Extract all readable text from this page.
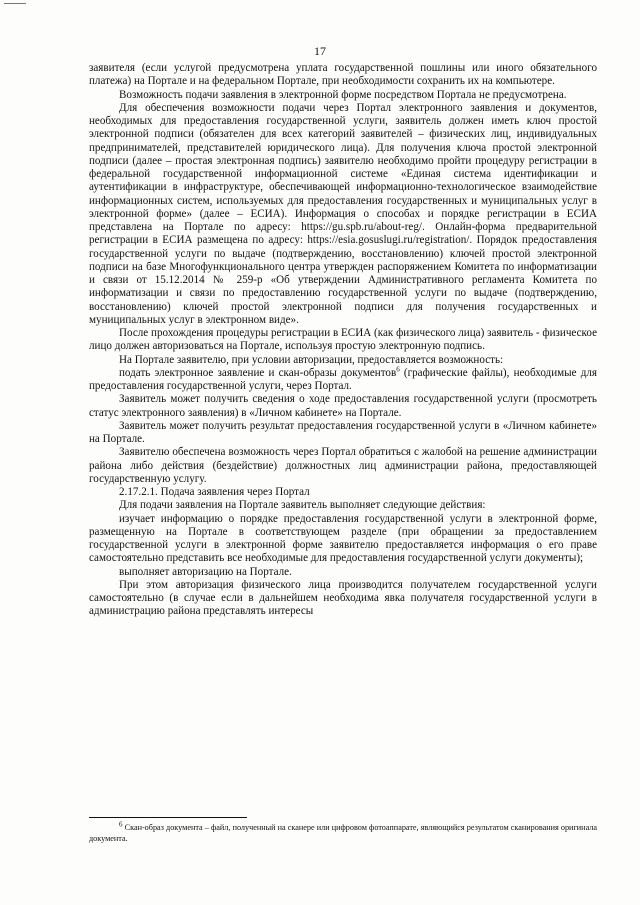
17

заявителя (если услугой предусмотрена уплата государственной пошлины или иного обязательного платежа) на Портале и на федеральном Портале, при необходимости сохранить их на компьютере.

Возможность подачи заявления в электронной форме посредством Портала не предусмотрена.

Для обеспечения возможности подачи через Портал электронного заявления и документов, необходимых для предоставления государственной услуги, заявитель должен иметь ключ простой электронной подписи (обязателен для всех категорий заявителей – физических лиц, индивидуальных предпринимателей, представителей юридического лица). Для получения ключа простой электронной подписи (далее – простая электронная подпись) заявителю необходимо пройти процедуру регистрации в федеральной государственной информационной системе «Единая система идентификации и аутентификации в инфраструктуре, обеспечивающей информационно-технологическое взаимодействие информационных систем, используемых для предоставления государственных и муниципальных услуг в электронной форме» (далее – ЕСИА). Информация о способах и порядке регистрации в ЕСИА представлена на Портале по адресу: https://gu.spb.ru/about-reg/. Онлайн-форма предварительной регистрации в ЕСИА размещена по адресу: https://esia.gosuslugi.ru/registration/. Порядок предоставления государственной услуги по выдаче (подтверждению, восстановлению) ключей простой электронной подписи на базе Многофункционального центра утвержден распоряжением Комитета по информатизации и связи от 15.12.2014 № 259-р «Об утверждении Административного регламента Комитета по информатизации и связи по предоставлению государственной услуги по выдаче (подтверждению, восстановлению) ключей простой электронной подписи для получения государственных и муниципальных услуг в электронном виде».

После прохождения процедуры регистрации в ЕСИА (как физического лица) заявитель - физическое лицо должен авторизоваться на Портале, используя простую электронную подпись.

На Портале заявителю, при условии авторизации, предоставляется возможность:

подать электронное заявление и скан-образы документов$^6$ (графические файлы), необходимые для предоставления государственной услуги, через Портал.

Заявитель может получить сведения о ходе предоставления государственной услуги (просмотреть статус электронного заявления) в «Личном кабинете» на Портале.

Заявитель может получить результат предоставления государственной услуги в «Личном кабинете» на Портале.

Заявителю обеспечена возможность через Портал обратиться с жалобой на решение администрации района либо действия (бездействие) должностных лиц администрации района, предоставляющей государственную услугу.

2.17.2.1. Подача заявления через Портал

Для подачи заявления на Портале заявитель выполняет следующие действия:

изучает информацию о порядке предоставления государственной услуги в электронной форме, размещенную на Портале в соответствующем разделе (при обращении за предоставлением государственной услуги в электронной форме заявителю предоставляется информация о его праве самостоятельно представить все необходимые для предоставления государственной услуги документы);

выполняет авторизацию на Портале.

При этом авторизация физического лица производится получателем государственной услуги самостоятельно (в случае если в дальнейшем необходима явка получателя государственной услуги в администрацию района представлять интересы

$^6$ Скан-образ документа – файл, полученный на сканере или цифровом фотоаппарате, являющийся результатом сканирования оригинала документа.
